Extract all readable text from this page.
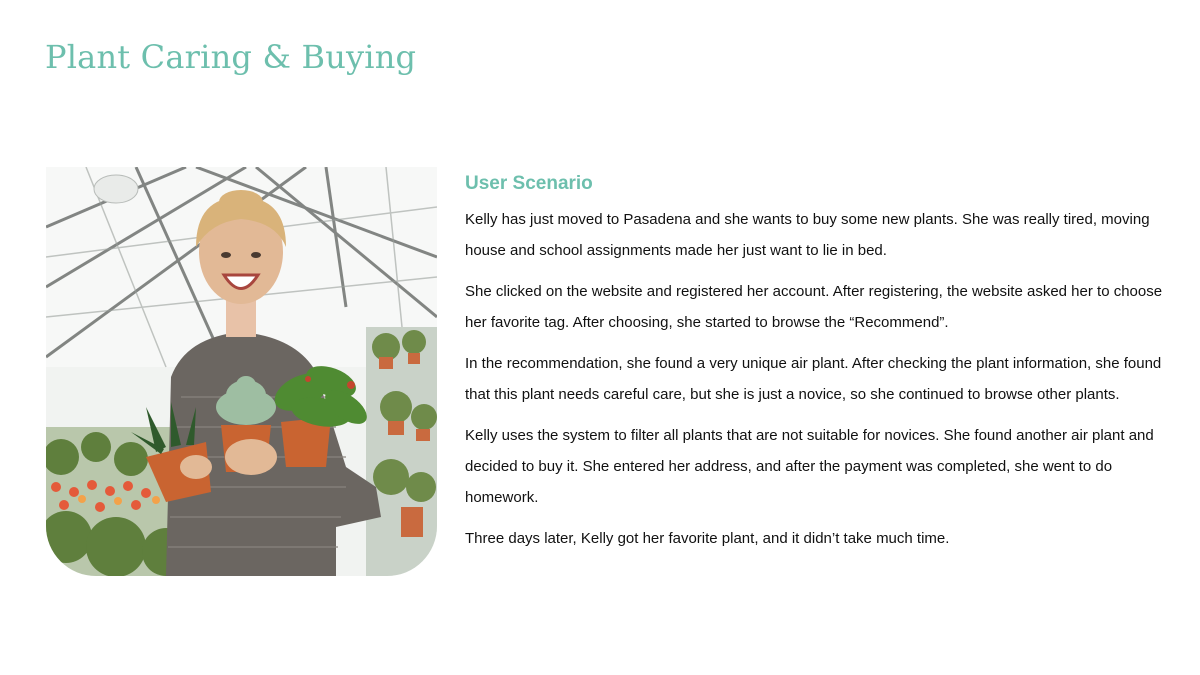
Plant Caring & Buying
User Scenario

Kelly has just moved to Pasadena and she wants to buy some new plants. She was really tired, moving house and school assignments made her just want to lie in bed.

She clicked on the website and registered her account. After registering, the website asked her to choose her favorite tag. After choosing, she started to browse the “Recommend”.

In the recommendation, she found a very unique air plant. After checking the plant information, she found that this plant needs careful care, but she is just a novice, so she continued to browse other plants.

Kelly uses the system to filter all plants that are not suitable for novices. She found another air plant and decided to buy it. She entered her address, and after the payment was completed, she went to do homework.

Three days later, Kelly got her favorite plant, and it didn’t take much time.
